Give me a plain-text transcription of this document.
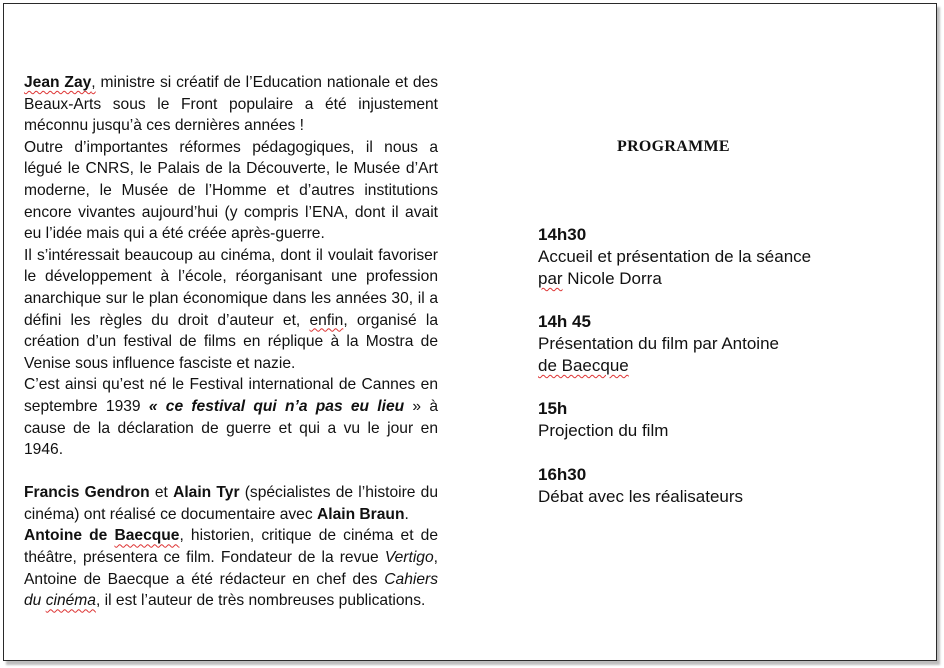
Jean Zay, ministre si créatif de l’Education nationale et des Beaux-Arts sous le Front populaire a été injustement méconnu jusqu’à ces dernières années !

Outre d’importantes réformes pédagogiques, il nous a légué le CNRS, le Palais de la Découverte, le Musée d’Art moderne, le Musée de l’Homme et d’autres institutions encore vivantes aujourd’hui (y compris l’ENA, dont il avait eu l’idée mais qui a été créée après-guerre.

Il s’intéressait beaucoup au cinéma, dont il voulait favoriser le développement à l’école, réorganisant une profession anarchique sur le plan économique dans les années 30, il a défini les règles du droit d’auteur et, enfin, organisé la création d’un festival de films en réplique à la Mostra de Venise sous influence fasciste et nazie.

C’est ainsi qu’est né le Festival international de Cannes en septembre 1939 « ce festival qui n’a pas eu lieu » à cause de la déclaration de guerre et qui a vu le jour en 1946.

Francis Gendron et Alain Tyr (spécialistes de l’histoire du cinéma) ont réalisé ce documentaire avec Alain Braun.

Antoine de Baecque, historien, critique de cinéma et de théâtre, présentera ce film. Fondateur de la revue Vertigo, Antoine de Baecque a été rédacteur en chef des Cahiers du cinéma, il est l’auteur de très nombreuses publications.

PROGRAMME
14h30
Accueil et présentation de la séance
par Nicole Dorra
14h 45
Présentation du film par Antoine
de Baecque
15h
Projection du film
16h30
Débat avec les réalisateurs
